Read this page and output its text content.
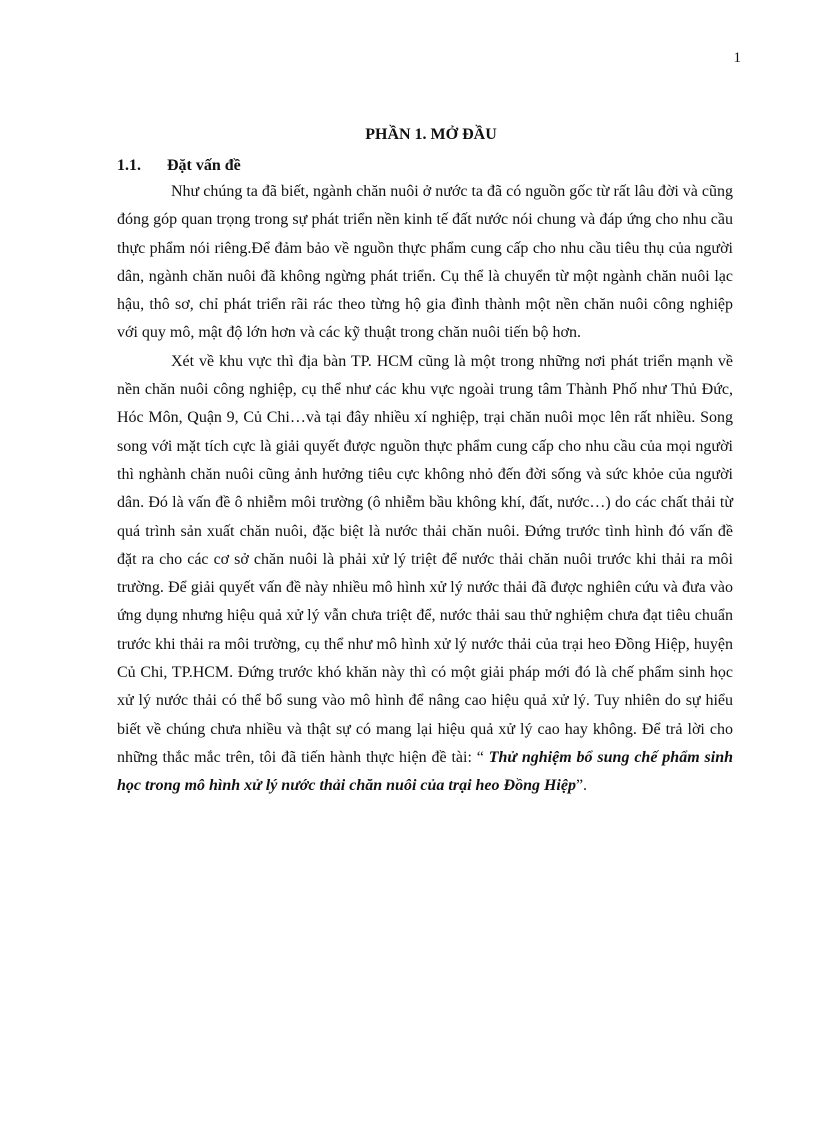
1
PHẦN 1. MỞ ĐẦU
1.1.	Đặt vấn đề

Như chúng ta đã biết, ngành chăn nuôi ở nước ta đã có nguồn gốc từ rất lâu đời và cũng đóng góp quan trọng trong sự phát triển nền kinh tế đất nước nói chung và đáp ứng cho nhu cầu thực phẩm nói riêng.Để đảm bảo về nguồn thực phẩm cung cấp cho nhu cầu tiêu thụ của người dân, ngành chăn nuôi đã không ngừng phát triển. Cụ thể là chuyển từ một ngành chăn nuôi lạc hậu, thô sơ, chỉ phát triển rãi rác theo từng hộ gia đình thành một nền chăn nuôi công nghiệp với quy mô, mật độ lớn hơn và các kỹ thuật trong chăn nuôi tiến bộ hơn.

Xét về khu vực thì địa bàn TP. HCM cũng là một trong những nơi phát triển mạnh về nền chăn nuôi công nghiệp, cụ thể như các khu vực ngoài trung tâm Thành Phố như Thủ Đức, Hóc Môn, Quận 9, Củ Chi…và tại đây nhiều xí nghiệp, trại chăn nuôi mọc lên rất nhiều. Song song với mặt tích cực là giải quyết được nguồn thực phẩm cung cấp cho nhu cầu của mọi người thì nghành chăn nuôi cũng ảnh hưởng tiêu cực không nhỏ đến đời sống và sức khỏe của người dân. Đó là vấn đề ô nhiễm môi trường (ô nhiễm bầu không khí, đất, nước…) do các chất thải từ quá trình sản xuất chăn nuôi, đặc biệt là nước thải chăn nuôi. Đứng trước tình hình đó vấn đề đặt ra cho các cơ sở chăn nuôi là phải xử lý triệt để nước thải chăn nuôi trước khi thải ra môi trường. Để giải quyết vấn đề này nhiều mô hình xử lý nước thải đã được nghiên cứu và đưa vào ứng dụng nhưng hiệu quả xử lý vẫn chưa triệt để, nước thải sau thử nghiệm chưa đạt tiêu chuẩn trước khi thải ra môi trường, cụ thể như mô hình xử lý nước thải của trại heo Đồng Hiệp, huyện Củ Chi, TP.HCM. Đứng trước khó khăn này thì có một giải pháp mới đó là chế phẩm sinh học xử lý nước thải có thể bổ sung vào mô hình để nâng cao hiệu quả xử lý. Tuy nhiên do sự hiểu biết về chúng chưa nhiều và thật sự có mang lại hiệu quả xử lý cao hay không. Để trả lời cho những thắc mắc trên, tôi đã tiến hành thực hiện đề tài: “ Thử nghiệm bổ sung chế phẩm sinh học trong mô hình xử lý nước thải chăn nuôi của trại heo Đồng Hiệp”.
